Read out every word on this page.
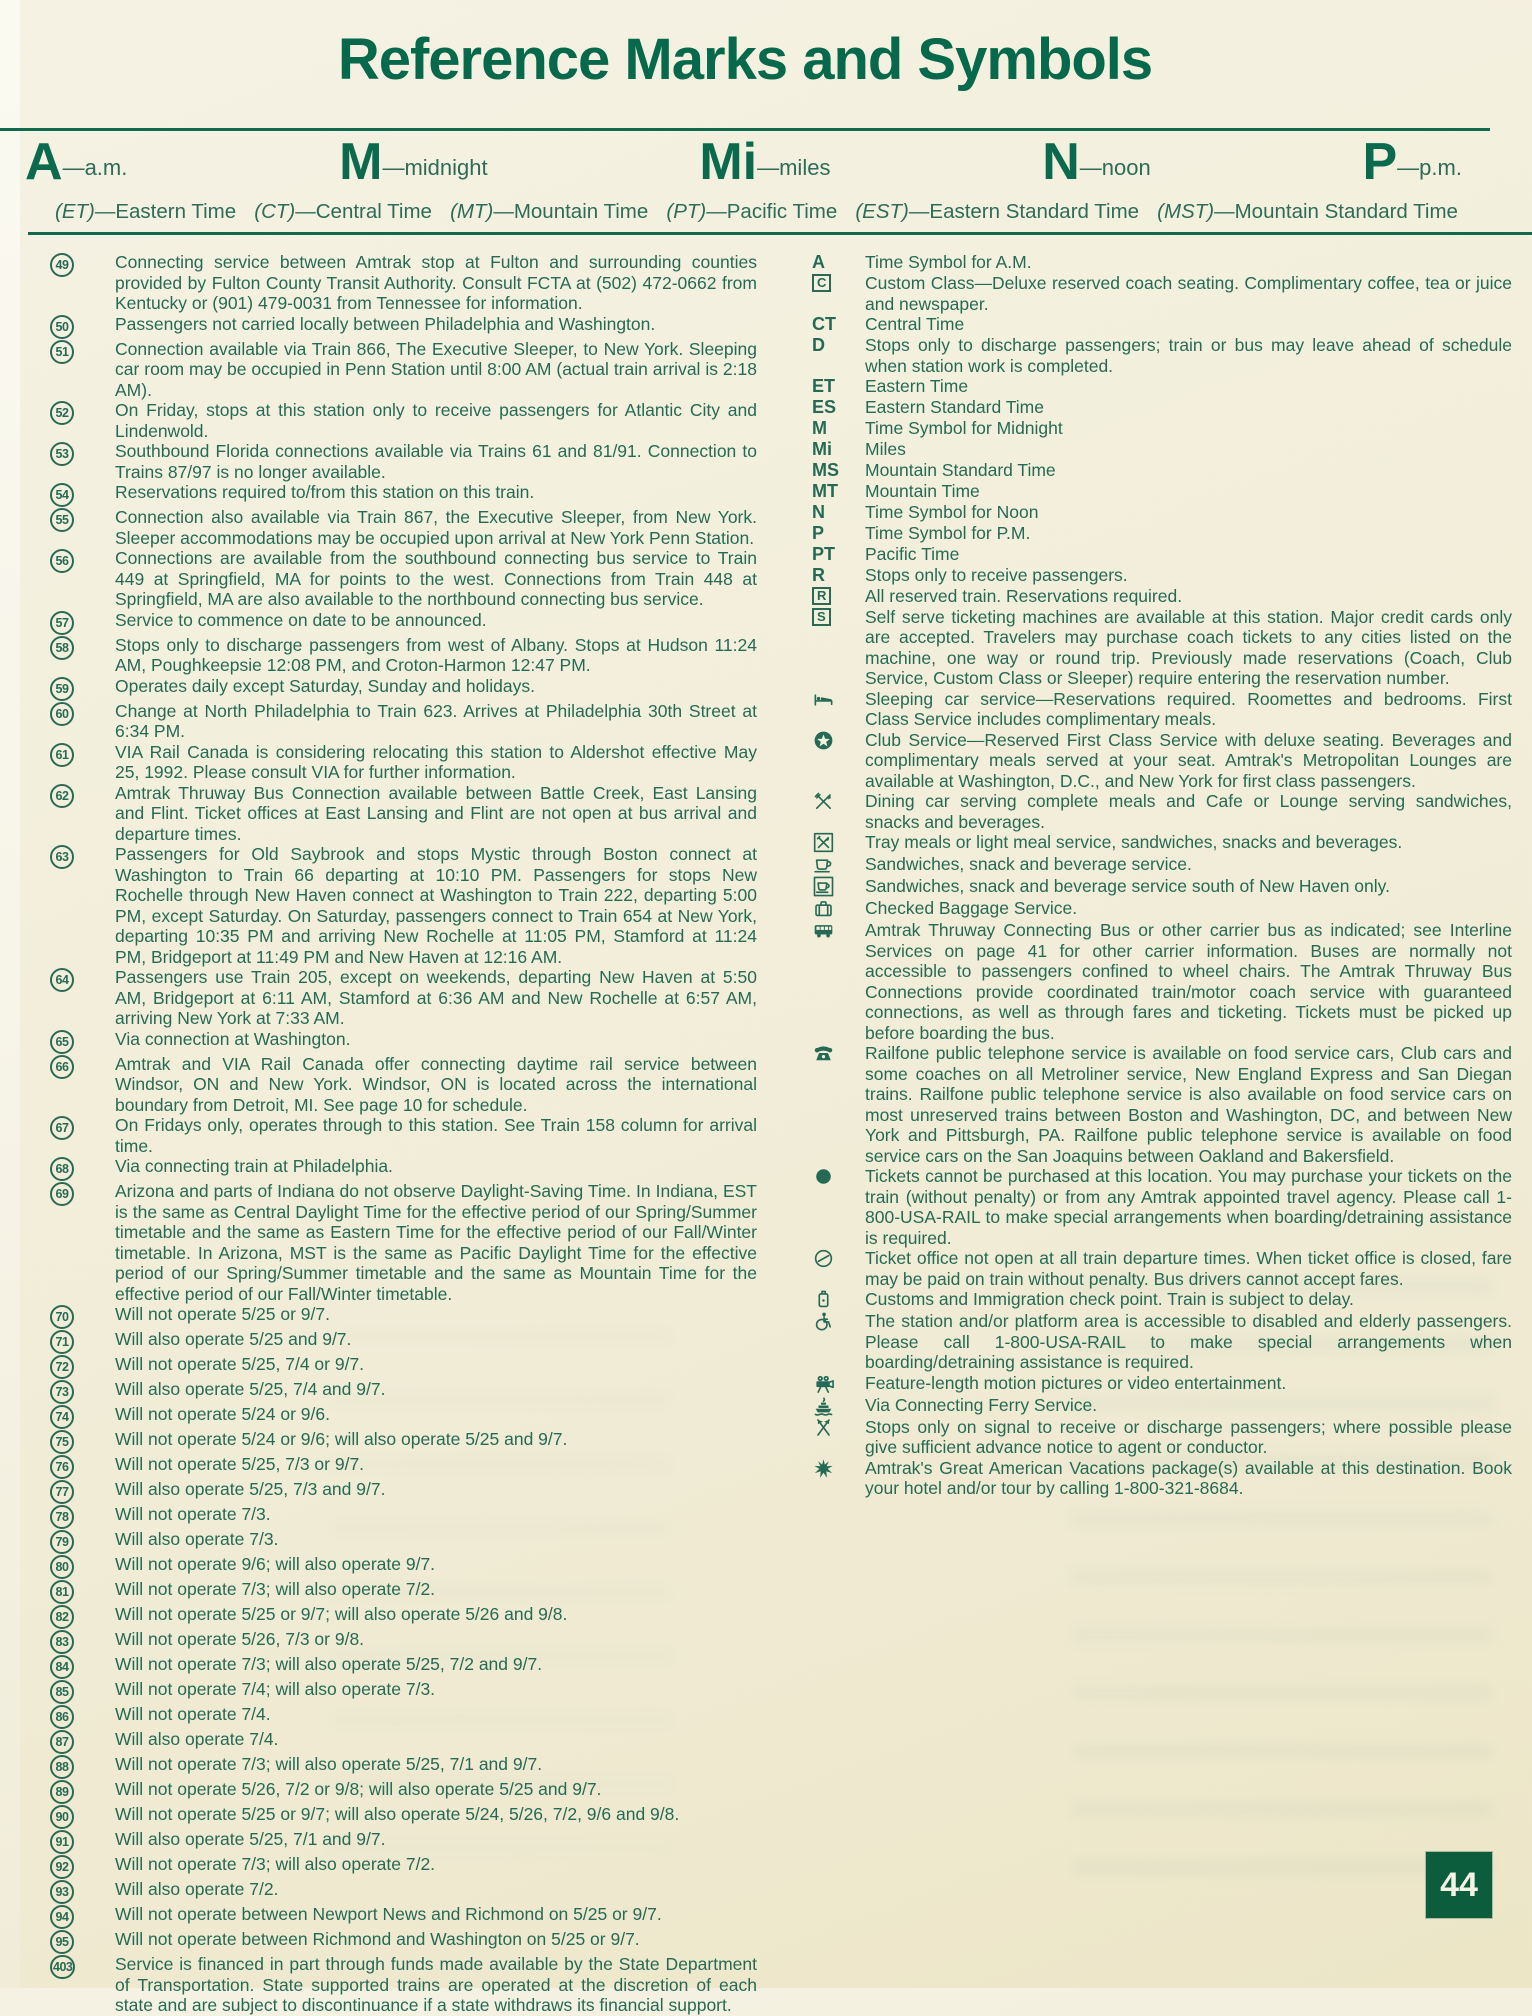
Reference Marks and Symbols
A—a.m.	M—midnight	Mi—miles	N—noon	P—p.m.
(ET)—Eastern Time (CT)—Central Time (MT)—Mountain Time (PT)—Pacific Time (EST)—Eastern Standard Time (MST)—Mountain Standard Time
49	Connecting service between Amtrak stop at Fulton and surrounding counties provided by Fulton County Transit Authority. Consult FCTA at (502) 472-0662 from Kentucky or (901) 479-0031 from Tennessee for information.
50	Passengers not carried locally between Philadelphia and Washington.
51	Connection available via Train 866, The Executive Sleeper, to New York. Sleeping car room may be occupied in Penn Station until 8:00 AM (actual train arrival is 2:18 AM).
52	On Friday, stops at this station only to receive passengers for Atlantic City and Lindenwold.
53	Southbound Florida connections available via Trains 61 and 81/91. Connection to Trains 87/97 is no longer available.
54	Reservations required to/from this station on this train.
55	Connection also available via Train 867, the Executive Sleeper, from New York. Sleeper accommodations may be occupied upon arrival at New York Penn Station.
56	Connections are available from the southbound connecting bus service to Train 449 at Springfield, MA for points to the west. Connections from Train 448 at Springfield, MA are also available to the northbound connecting bus service.
57	Service to commence on date to be announced.
58	Stops only to discharge passengers from west of Albany. Stops at Hudson 11:24 AM, Poughkeepsie 12:08 PM, and Croton-Harmon 12:47 PM.
59	Operates daily except Saturday, Sunday and holidays.
60	Change at North Philadelphia to Train 623. Arrives at Philadelphia 30th Street at 6:34 PM.
61	VIA Rail Canada is considering relocating this station to Aldershot effective May 25, 1992. Please consult VIA for further information.
62	Amtrak Thruway Bus Connection available between Battle Creek, East Lansing and Flint. Ticket offices at East Lansing and Flint are not open at bus arrival and departure times.
63	Passengers for Old Saybrook and stops Mystic through Boston connect at Washington to Train 66 departing at 10:10 PM. Passengers for stops New Rochelle through New Haven connect at Washington to Train 222, departing 5:00 PM, except Saturday. On Saturday, passengers connect to Train 654 at New York, departing 10:35 PM and arriving New Rochelle at 11:05 PM, Stamford at 11:24 PM, Bridgeport at 11:49 PM and New Haven at 12:16 AM.
64	Passengers use Train 205, except on weekends, departing New Haven at 5:50 AM, Bridgeport at 6:11 AM, Stamford at 6:36 AM and New Rochelle at 6:57 AM, arriving New York at 7:33 AM.
65	Via connection at Washington.
66	Amtrak and VIA Rail Canada offer connecting daytime rail service between Windsor, ON and New York. Windsor, ON is located across the international boundary from Detroit, MI. See page 10 for schedule.
67	On Fridays only, operates through to this station. See Train 158 column for arrival time.
68	Via connecting train at Philadelphia.
69	Arizona and parts of Indiana do not observe Daylight-Saving Time. In Indiana, EST is the same as Central Daylight Time for the effective period of our Spring/Summer timetable and the same as Eastern Time for the effective period of our Fall/Winter timetable. In Arizona, MST is the same as Pacific Daylight Time for the effective period of our Spring/Summer timetable and the same as Mountain Time for the effective period of our Fall/Winter timetable.
70	Will not operate 5/25 or 9/7.
71	Will also operate 5/25 and 9/7.
72	Will not operate 5/25, 7/4 or 9/7.
73	Will also operate 5/25, 7/4 and 9/7.
74	Will not operate 5/24 or 9/6.
75	Will not operate 5/24 or 9/6; will also operate 5/25 and 9/7.
76	Will not operate 5/25, 7/3 or 9/7.
77	Will also operate 5/25, 7/3 and 9/7.
78	Will not operate 7/3.
79	Will also operate 7/3.
80	Will not operate 9/6; will also operate 9/7.
81	Will not operate 7/3; will also operate 7/2.
82	Will not operate 5/25 or 9/7; will also operate 5/26 and 9/8.
83	Will not operate 5/26, 7/3 or 9/8.
84	Will not operate 7/3; will also operate 5/25, 7/2 and 9/7.
85	Will not operate 7/4; will also operate 7/3.
86	Will not operate 7/4.
87	Will also operate 7/4.
88	Will not operate 7/3; will also operate 5/25, 7/1 and 9/7.
89	Will not operate 5/26, 7/2 or 9/8; will also operate 5/25 and 9/7.
90	Will not operate 5/25 or 9/7; will also operate 5/24, 5/26, 7/2, 9/6 and 9/8.
91	Will also operate 5/25, 7/1 and 9/7.
92	Will not operate 7/3; will also operate 7/2.
93	Will also operate 7/2.
94	Will not operate between Newport News and Richmond on 5/25 or 9/7.
95	Will not operate between Richmond and Washington on 5/25 or 9/7.
403	Service is financed in part through funds made available by the State Department of Transportation. State supported trains are operated at the discretion of each state and are subject to discontinuance if a state withdraws its financial support.
A	Time Symbol for A.M.
C	Custom Class—Deluxe reserved coach seating. Complimentary coffee, tea or juice and newspaper.
CT	Central Time
D	Stops only to discharge passengers; train or bus may leave ahead of schedule when station work is completed.
ET	Eastern Time
ES	Eastern Standard Time
M	Time Symbol for Midnight
Mi	Miles
MS	Mountain Standard Time
MT	Mountain Time
N	Time Symbol for Noon
P	Time Symbol for P.M.
PT	Pacific Time
R	Stops only to receive passengers.
R	All reserved train. Reservations required.
S	Self serve ticketing machines are available at this station. Major credit cards only are accepted. Travelers may purchase coach tickets to any cities listed on the machine, one way or round trip. Previously made reservations (Coach, Club Service, Custom Class or Sleeper) require entering the reservation number.
Sleeping car service—Reservations required. Roomettes and bedrooms. First Class Service includes complimentary meals.
Club Service—Reserved First Class Service with deluxe seating. Beverages and complimentary meals served at your seat. Amtrak's Metropolitan Lounges are available at Washington, D.C., and New York for first class passengers.
Dining car serving complete meals and Cafe or Lounge serving sandwiches, snacks and beverages.
Tray meals or light meal service, sandwiches, snacks and beverages.
Sandwiches, snack and beverage service.
Sandwiches, snack and beverage service south of New Haven only.
Checked Baggage Service.
Amtrak Thruway Connecting Bus or other carrier bus as indicated; see Interline Services on page 41 for other carrier information. Buses are normally not accessible to passengers confined to wheel chairs. The Amtrak Thruway Bus Connections provide coordinated train/motor coach service with guaranteed connections, as well as through fares and ticketing. Tickets must be picked up before boarding the bus.
Railfone public telephone service is available on food service cars, Club cars and some coaches on all Metroliner service, New England Express and San Diegan trains. Railfone public telephone service is also available on food service cars on most unreserved trains between Boston and Washington, DC, and between New York and Pittsburgh, PA. Railfone public telephone service is available on food service cars on the San Joaquins between Oakland and Bakersfield.
Tickets cannot be purchased at this location. You may purchase your tickets on the train (without penalty) or from any Amtrak appointed travel agency. Please call 1-800-USA-RAIL to make special arrangements when boarding/detraining assistance is required.
Ticket office not open at all train departure times. When ticket office is closed, fare may be paid on train without penalty. Bus drivers cannot accept fares.
Customs and Immigration check point. Train is subject to delay.
The station and/or platform area is accessible to disabled and elderly passengers. Please call 1-800-USA-RAIL to make special arrangements when boarding/detraining assistance is required.
Feature-length motion pictures or video entertainment.
Via Connecting Ferry Service.
Stops only on signal to receive or discharge passengers; where possible please give sufficient advance notice to agent or conductor.
Amtrak's Great American Vacations package(s) available at this destination. Book your hotel and/or tour by calling 1-800-321-8684.
44
